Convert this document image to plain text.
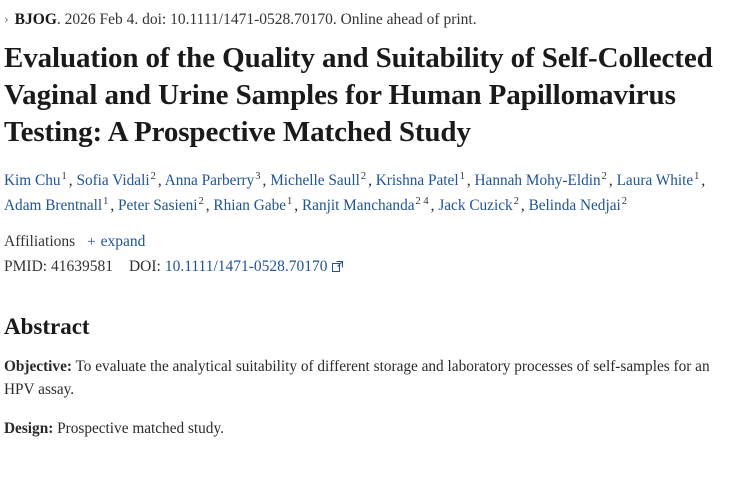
› BJOG . 2026 Feb 4. doi: 10.1111/1471-0528.70170. Online ahead of print.
Evaluation of the Quality and Suitability of Self-Collected Vaginal and Urine Samples for Human Papillomavirus Testing: A Prospective Matched Study
Kim Chu$^1$ , Sofia Vidali$^2$ , Anna Parberry$^3$ , Michelle Saull$^2$ , Krishna Patel$^1$ , Hannah Mohy-Eldin$^2$ , Laura White$^1$ , Adam Brentnall$^1$ , Peter Sasieni$^2$ , Rhian Gabe$^1$ , Ranjit Manchanda$^{2 4}$ , Jack Cuzick$^2$ , Belinda Nedjai$^2$
Affiliations + expand
PMID: 41639581 DOI: 10.1111/1471-0528.70170
Abstract

Objective: To evaluate the analytical suitability of different storage and laboratory processes of self-samples for an HPV assay.

Design: Prospective matched study.
